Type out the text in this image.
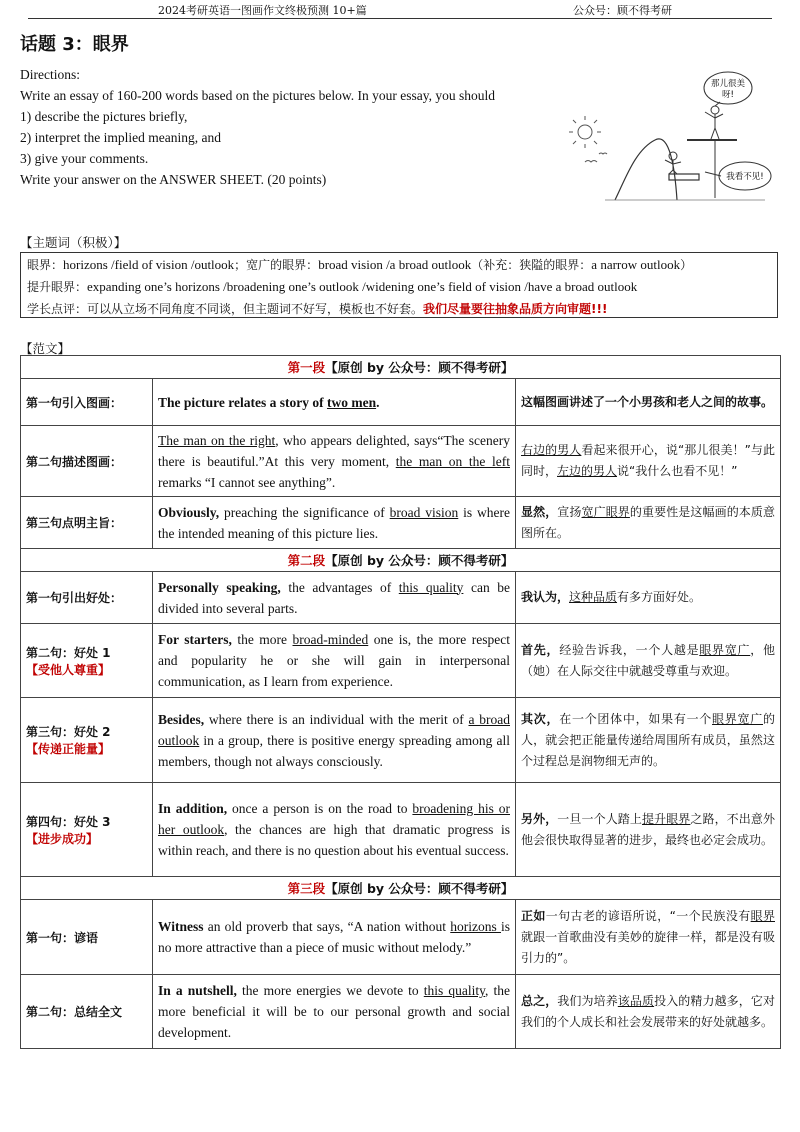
2024考研英语一图画作文终极预测 10+篇	公众号：顾不得考研
话题 3：眼界
Directions:
Write an essay of 160-200 words based on the pictures below. In your essay, you should
1) describe the pictures briefly,
2) interpret the implied meaning, and
3) give your comments.
Write your answer on the ANSWER SHEET. (20 points)
那儿很美
呀!
我看不见!
【主题词（积极）】
眼界：horizons /field of vision /outlook；宽广的眼界：broad vision /a broad outlook（补充：狭隘的眼界：a narrow outlook）
提升眼界：expanding one’s horizons /broadening one’s outlook /widening one’s field of vision /have a broad outlook
学长点评：可以从立场不同角度不同谈，但主题词不好写，模板也不好套。我们尽量要往抽象品质方向审题!!!
【范文】
第一段【原创 by 公众号：顾不得考研】		
第一句引入图画：	The picture relates a story of two men.	这幅图画讲述了一个小男孩和老人之间的故事。
第二句描述图画：	The man on the right, who appears delighted, says“The scenery there is beautiful.”At this very moment, the man on the left remarks “I cannot see anything”.	右边的男人看起来很开心，说“那儿很美！”与此同时，左边的男人说“我什么也看不见！”
第三句点明主旨：	Obviously, preaching the significance of broad vision is where the intended meaning of this picture lies.	显然，宣扬宽广眼界的重要性是这幅画的本质意图所在。
第二段【原创 by 公众号：顾不得考研】		
第一句引出好处：	Personally speaking, the advantages of this quality can be divided into several parts.	我认为，这种品质有多方面好处。
第二句：好处 1
【受他人尊重】	For starters, the more broad-minded one is, the more respect and popularity he or she will gain in interpersonal communication, as I learn from experience.	首先，经验告诉我，一个人越是眼界宽广，他（她）在人际交往中就越受尊重与欢迎。
第三句：好处 2
【传递正能量】	Besides, where there is an individual with the merit of a broad outlook in a group, there is positive energy spreading among all members, though not always consciously.	其次，在一个团体中，如果有一个眼界宽广的人，就会把正能量传递给周围所有成员，虽然这个过程总是润物细无声的。
第四句：好处 3
【进步成功】	In addition, once a person is on the road to broadening his or her outlook, the chances are high that dramatic progress is within reach, and there is no question about his eventual success.	另外，一旦一个人踏上提升眼界之路，不出意外他会很快取得显著的进步，最终也必定会成功。
第三段【原创 by 公众号：顾不得考研】		
第一句：谚语	Witness an old proverb that says, “A nation without horizons is no more attractive than a piece of music without melody.”	正如一句古老的谚语所说，“一个民族没有眼界就跟一首歌曲没有美妙的旋律一样，都是没有吸引力的”。
第二句：总结全文	In a nutshell, the more energies we devote to this quality, the more beneficial it will be to our personal growth and social development.	总之，我们为培养该品质投入的精力越多，它对我们的个人成长和社会发展带来的好处就越多。
